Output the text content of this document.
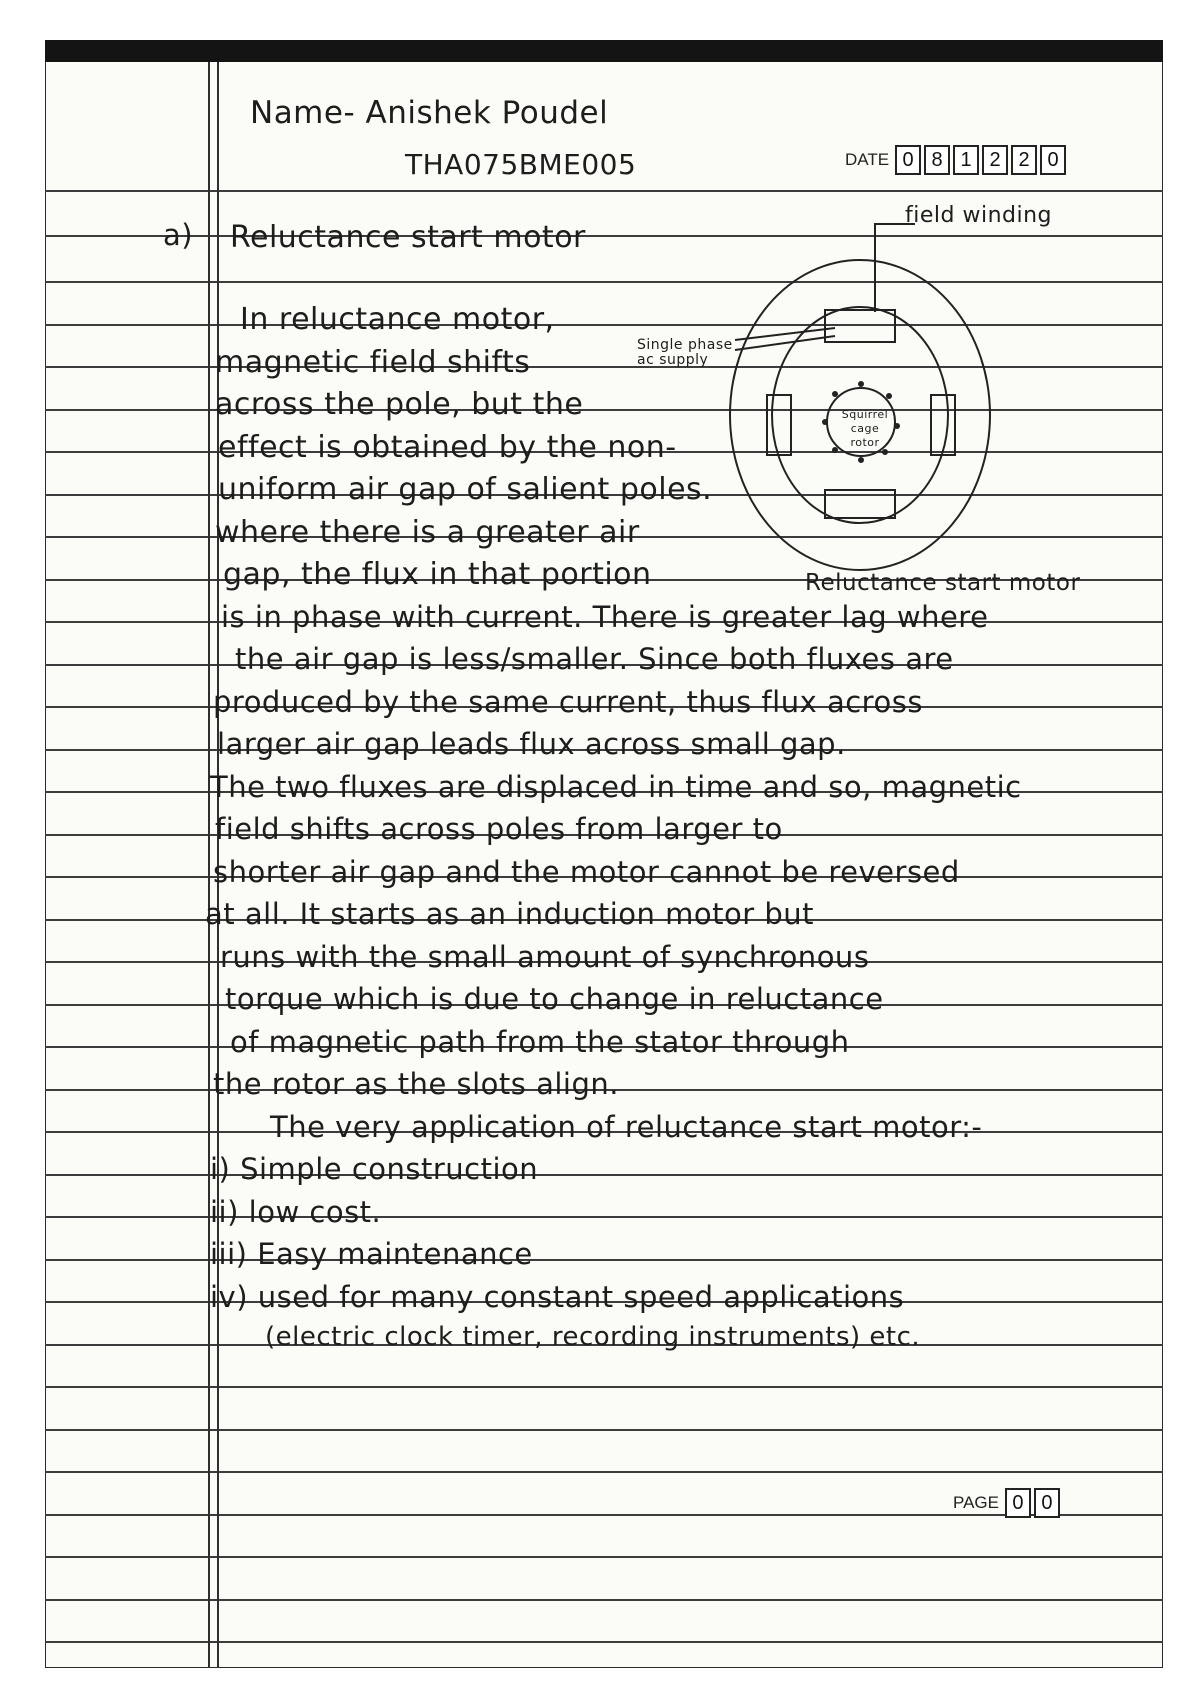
Name- Anishek Poudel
THA075BME005	DATE 0 8 1 2 2 0
a) Reluctance start motor
field winding
Single phase ac supply
Squirrel cage rotor
Reluctance start motor
In reluctance motor,
magnetic field shifts
across the pole, but the
effect is obtained by the non-
uniform air gap of salient poles.
where there is a greater air
gap, the flux in that portion
is in phase with current. There is greater lag where
the air gap is less/smaller. Since both fluxes are
produced by the same current, thus flux across
larger air gap leads flux across small gap.
The two fluxes are displaced in time and so, magnetic
field shifts across poles from larger to
shorter air gap and the motor cannot be reversed
at all. It starts as an induction motor but
runs with the small amount of synchronous
torque which is due to change in reluctance
of magnetic path from the stator through
the rotor as the slots align.
The very application of reluctance start motor:-
i) Simple construction
ii) low cost.
iii) Easy maintenance
iv) used for many constant speed applications
(electric clock timer, recording instruments) etc.
PAGE 0 0
